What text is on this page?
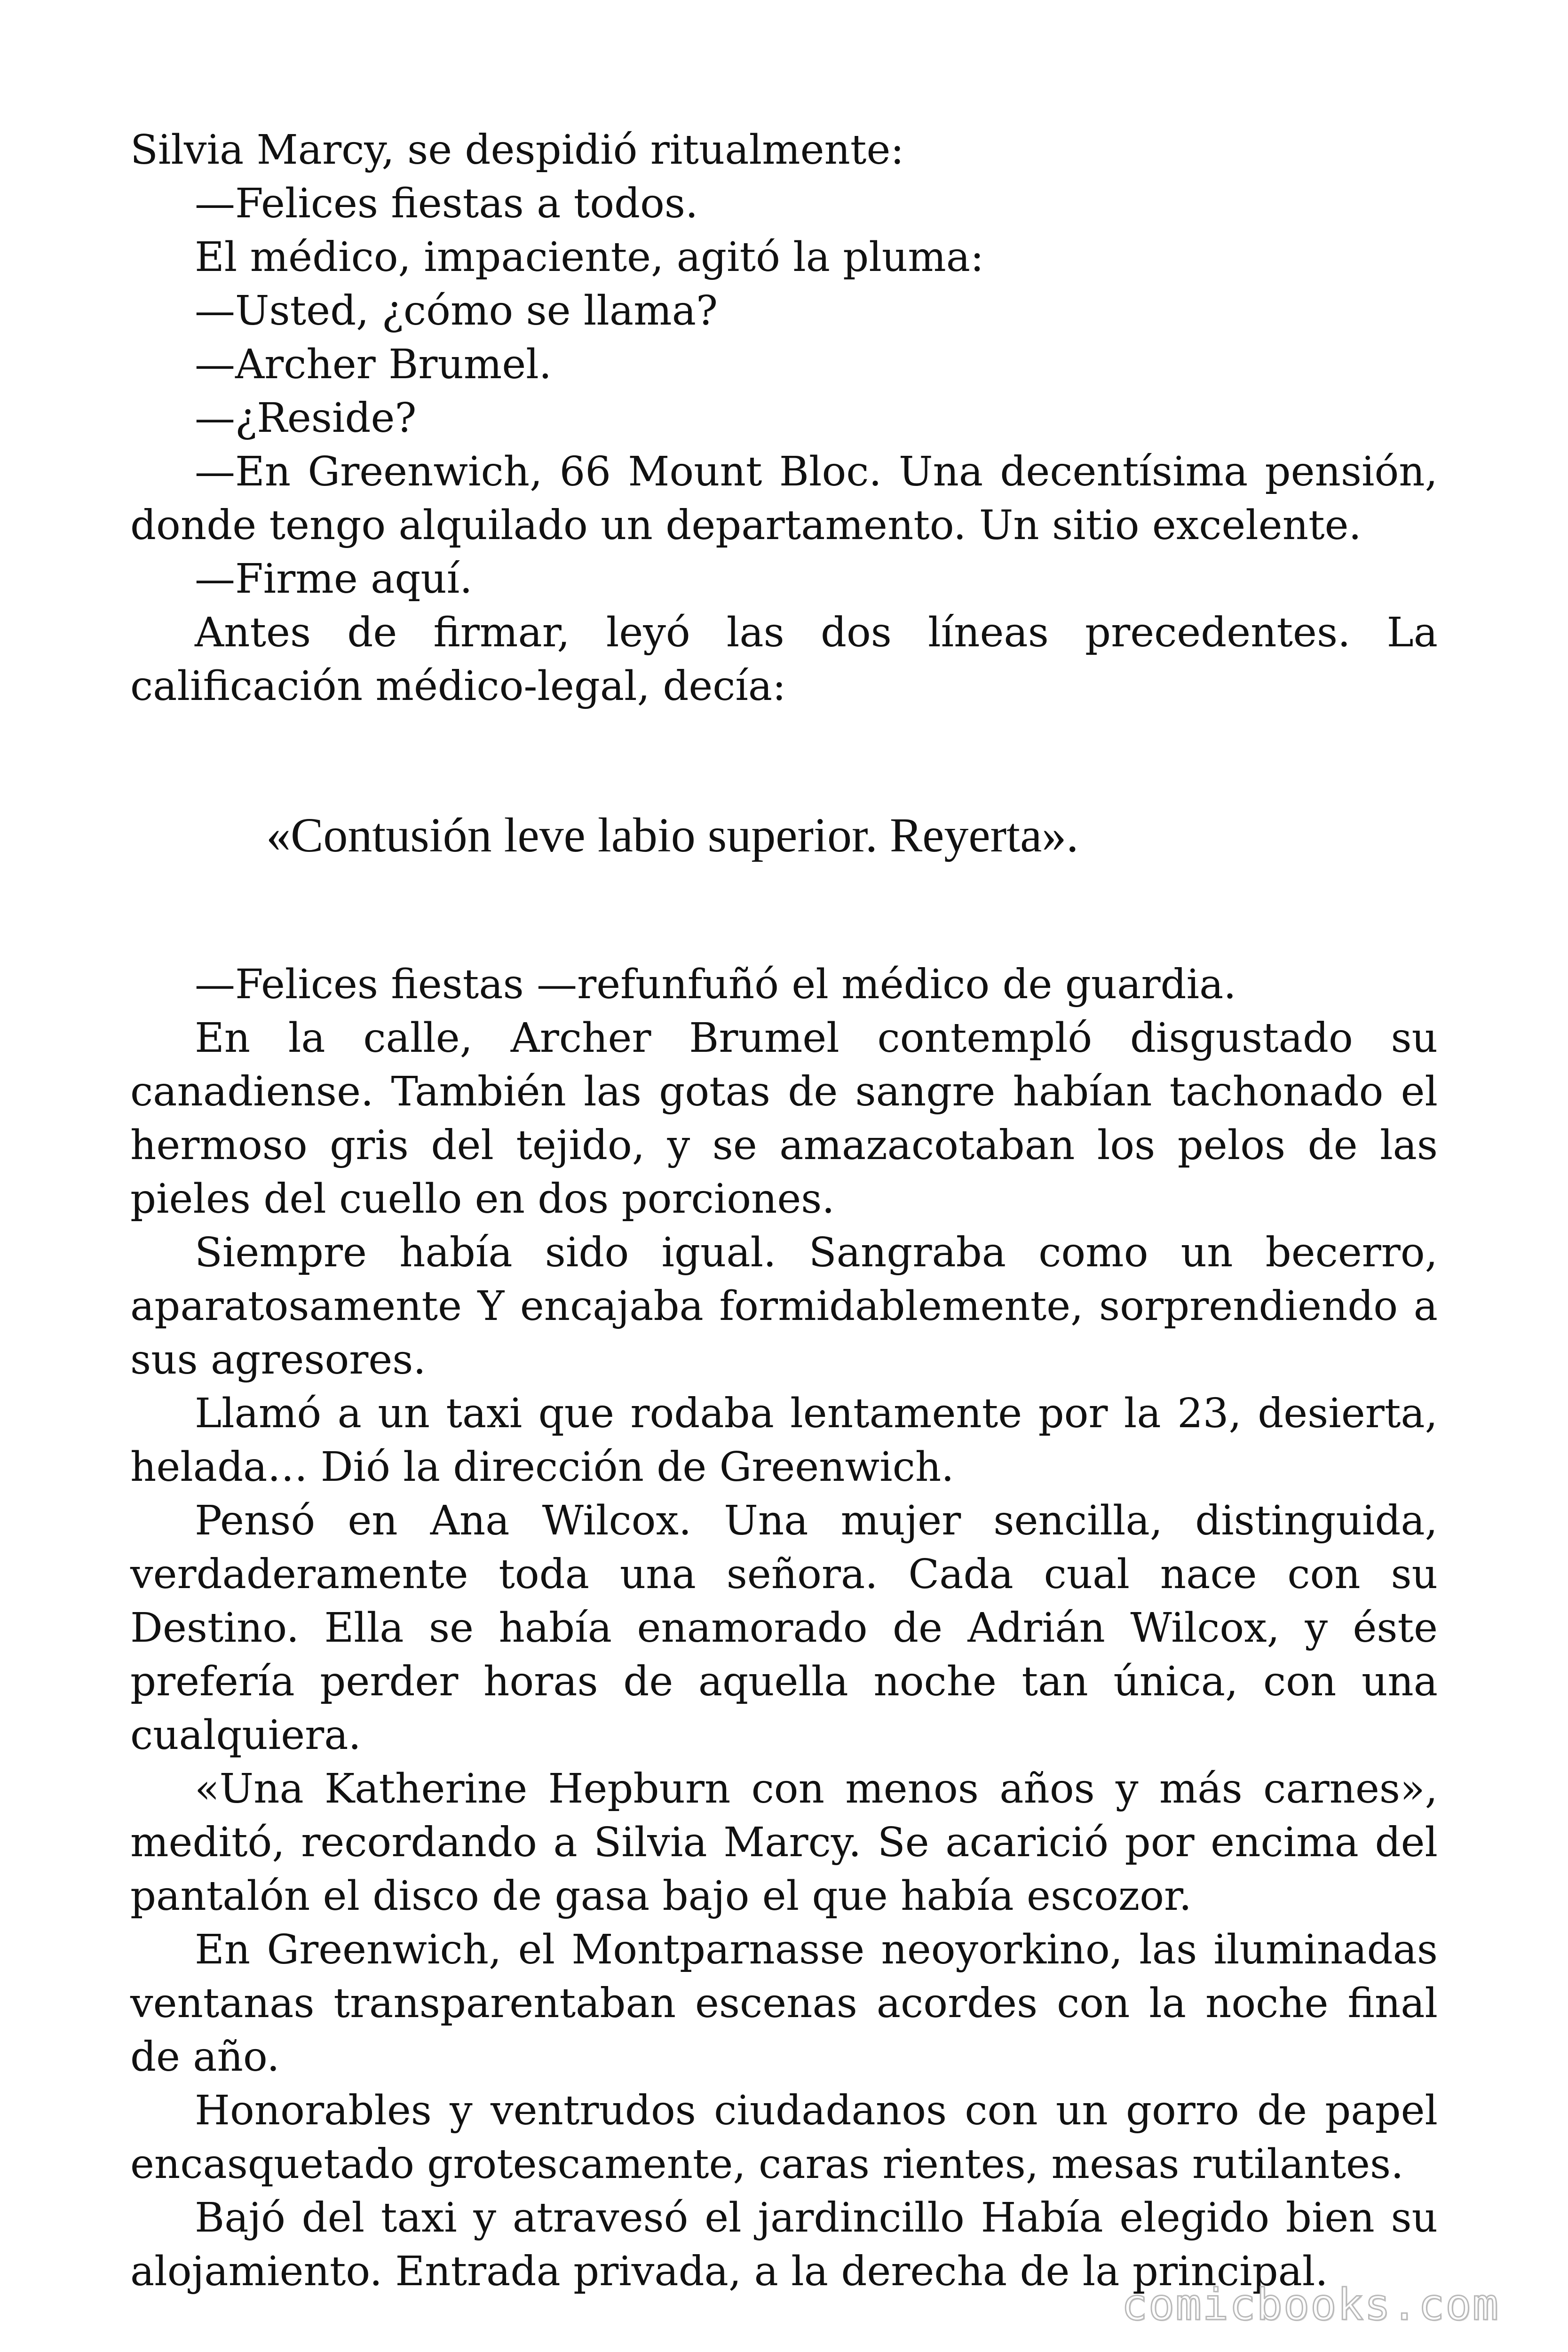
Silvia Marcy, se despidió ritualmente:

—Felices fiestas a todos.

El médico, impaciente, agitó la pluma:

—Usted, ¿cómo se llama?

—Archer Brumel.

—¿Reside?

—En Greenwich, 66 Mount Bloc. Una decentísima pensión, donde tengo alquilado un departamento. Un sitio excelente.

—Firme aquí.

Antes de firmar, leyó las dos líneas precedentes. La calificación médico-legal, decía:

«Contusión leve labio superior. Reyerta».

—Felices fiestas —refunfuñó el médico de guardia.

En la calle, Archer Brumel contempló disgustado su canadiense. También las gotas de sangre habían tachonado el hermoso gris del tejido, y se amazacotaban los pelos de las pieles del cuello en dos porciones.

Siempre había sido igual. Sangraba como un becerro, aparatosamente Y encajaba formidablemente, sorprendiendo a sus agresores.

Llamó a un taxi que rodaba lentamente por la 23, desierta, helada… Dió la dirección de Greenwich.

Pensó en Ana Wilcox. Una mujer sencilla, distinguida, verdaderamente toda una señora. Cada cual nace con su Destino. Ella se había enamorado de Adrián Wilcox, y éste prefería perder horas de aquella noche tan única, con una cualquiera.

«Una Katherine Hepburn con menos años y más carnes», meditó, recordando a Silvia Marcy. Se acarició por encima del pantalón el disco de gasa bajo el que había escozor.

En Greenwich, el Montparnasse neoyorkino, las iluminadas ventanas transparentaban escenas acordes con la noche final de año.

Honorables y ventrudos ciudadanos con un gorro de papel encasquetado grotescamente, caras rientes, mesas rutilantes.

Bajó del taxi y atravesó el jardincillo Había elegido bien su alojamiento. Entrada privada, a la derecha de la principal.

comicbooks.com
